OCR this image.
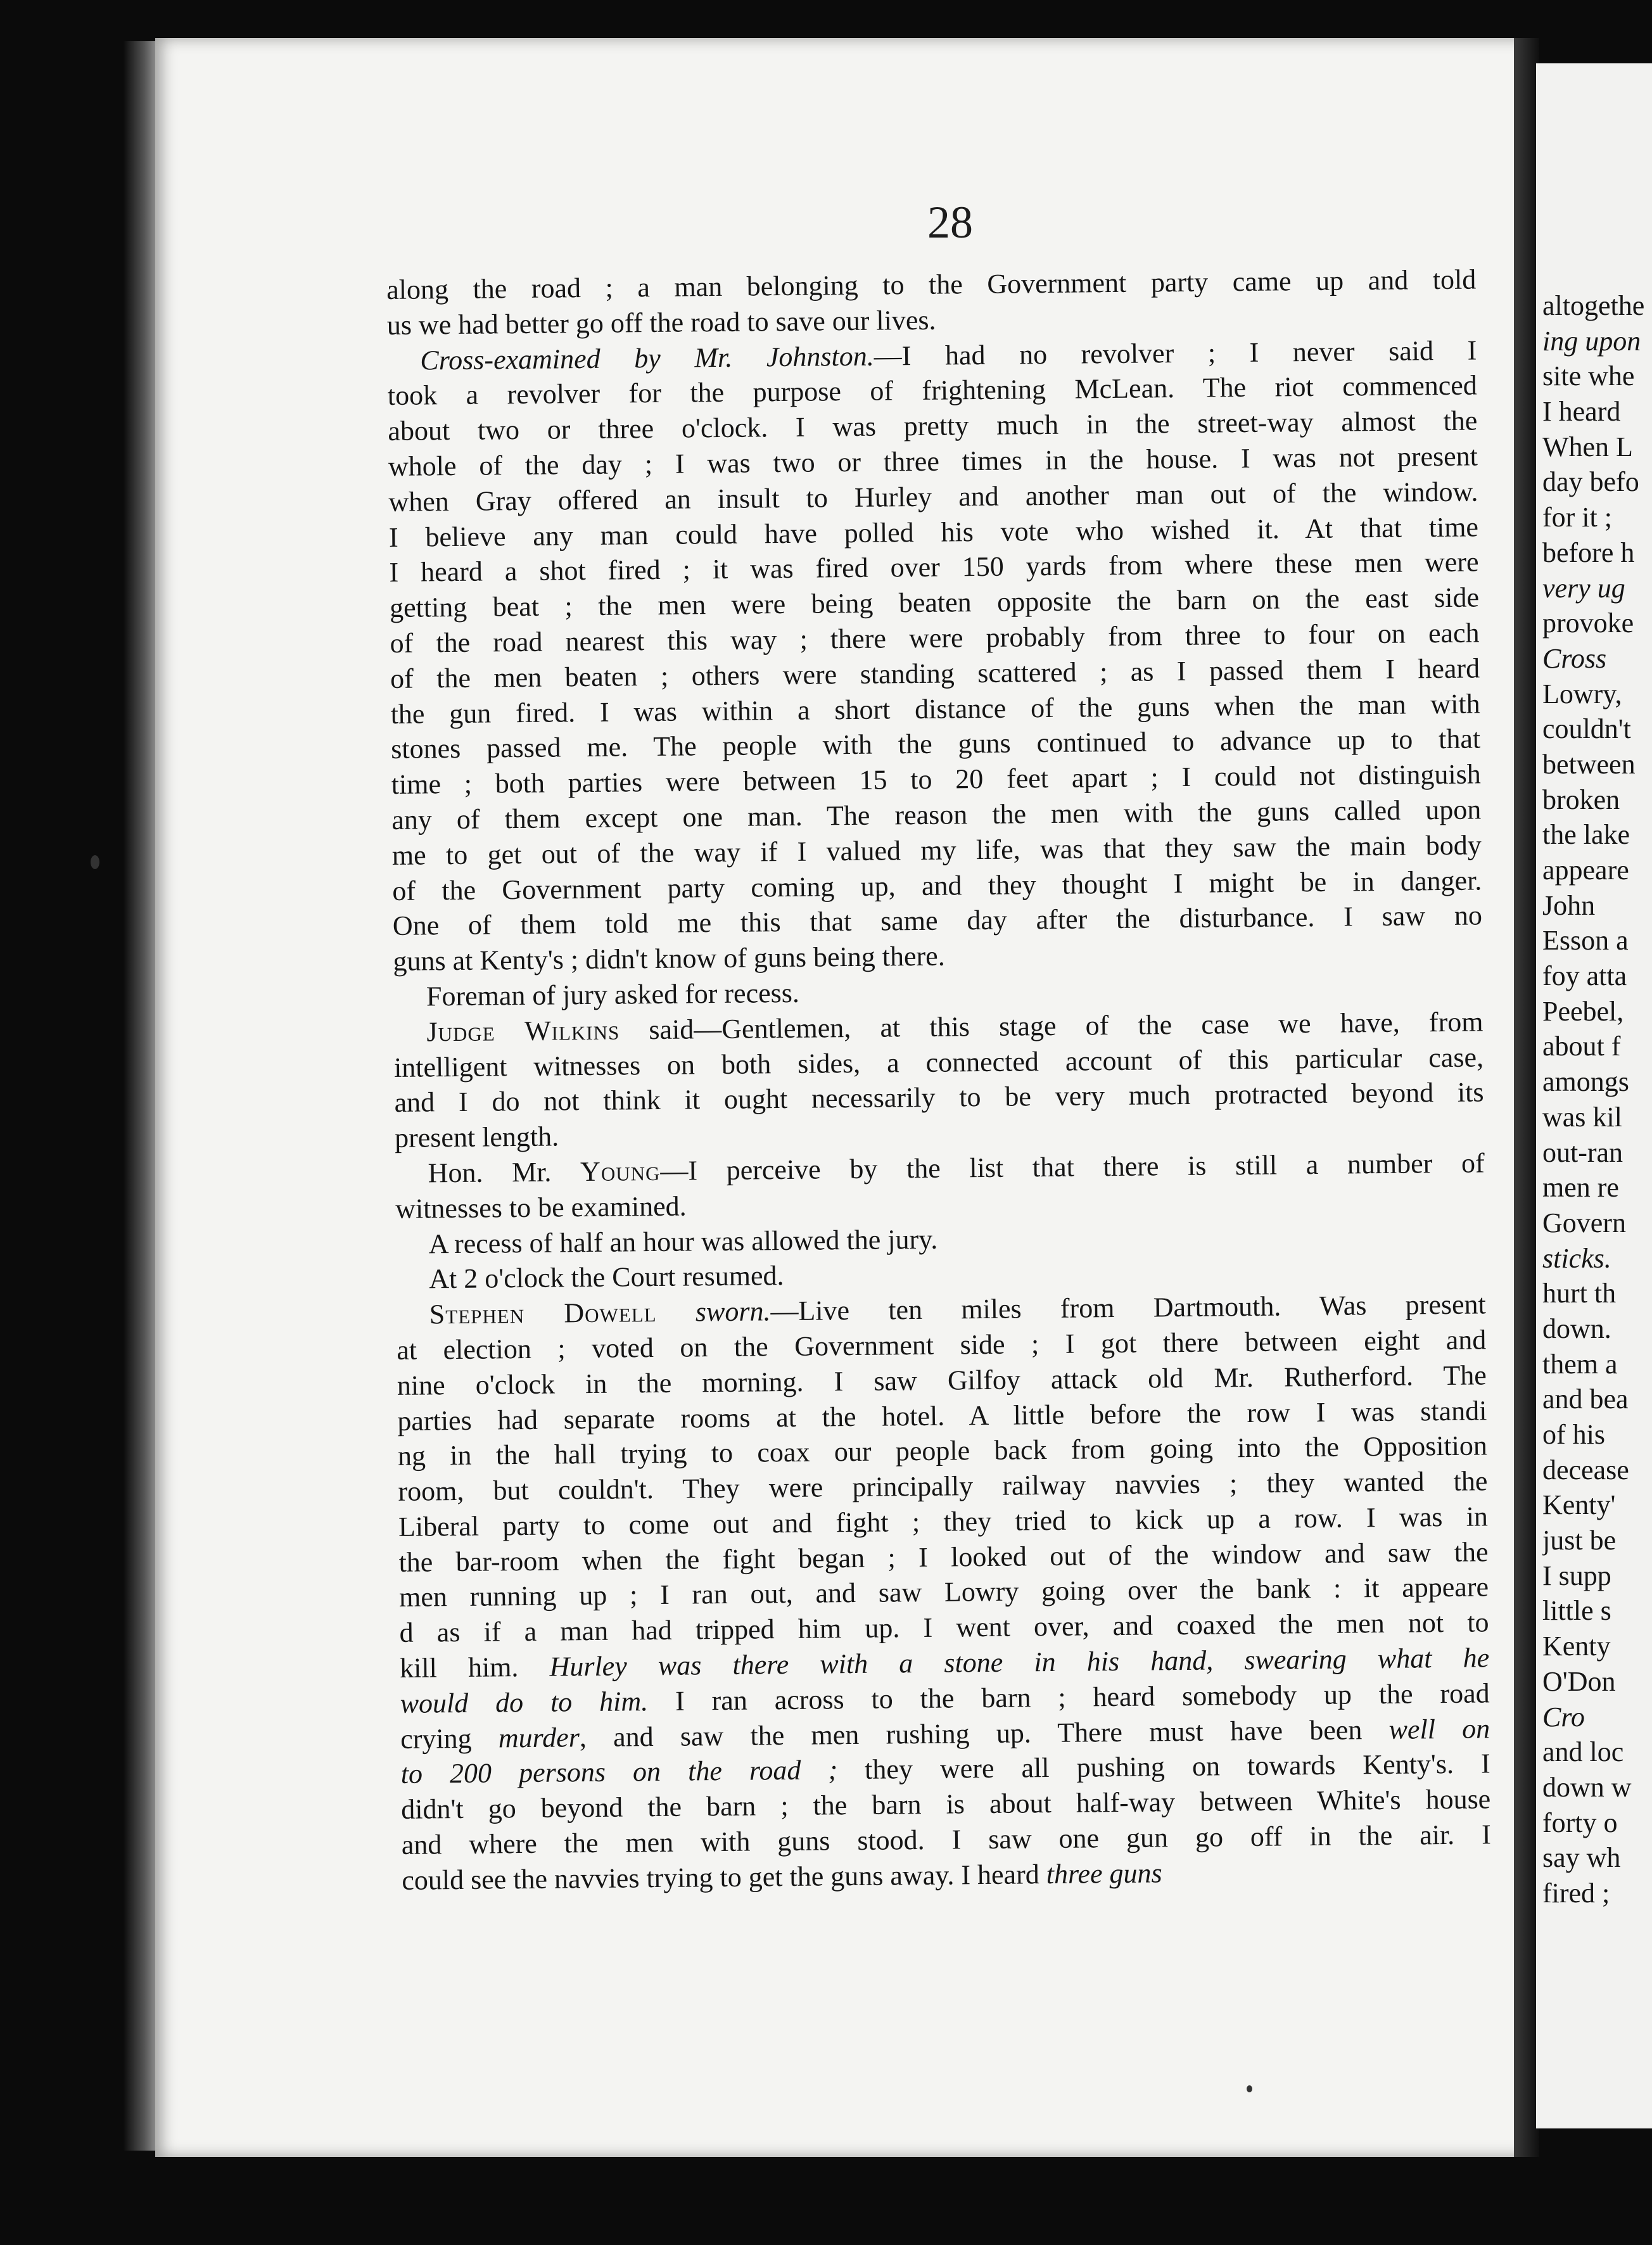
28
along the road ; a man belonging to the Government party came up and told
us we had better go off the road to save our lives.
Cross-examined by Mr. Johnston.—I had no revolver ; I never said I
took a revolver for the purpose of frightening McLean. The riot commenced
about two or three o'clock. I was pretty much in the street-way almost the
whole of the day ; I was two or three times in the house. I was not present
when Gray offered an insult to Hurley and another man out of the window.
I believe any man could have polled his vote who wished it. At that time
I heard a shot fired ; it was fired over 150 yards from where these men were
getting beat ; the men were being beaten opposite the barn on the east side
of the road nearest this way ; there were probably from three to four on each
of the men beaten ; others were standing scattered ; as I passed them I heard
the gun fired. I was within a short distance of the guns when the man with
stones passed me. The people with the guns continued to advance up to that
time ; both parties were between 15 to 20 feet apart ; I could not distinguish
any of them except one man. The reason the men with the guns called upon
me to get out of the way if I valued my life, was that they saw the main body
of the Government party coming up, and they thought I might be in danger.
One of them told me this that same day after the disturbance. I saw no
guns at Kenty's ; didn't know of guns being there.
Foreman of jury asked for recess.
Judge Wilkins said—Gentlemen, at this stage of the case we have, from
intelligent witnesses on both sides, a connected account of this particular case,
and I do not think it ought necessarily to be very much protracted beyond its
present length.
Hon. Mr. Young—I perceive by the list that there is still a number of
witnesses to be examined.
A recess of half an hour was allowed the jury.
At 2 o'clock the Court resumed.
Stephen Dowell sworn.—Live ten miles from Dartmouth. Was present
at election ; voted on the Government side ; I got there between eight and
nine o'clock in the morning. I saw Gilfoy attack old Mr. Rutherford. The
parties had separate rooms at the hotel. A little before the row I was standi
ng in the hall trying to coax our people back from going into the Opposition
room, but couldn't. They were principally railway navvies ; they wanted the
Liberal party to come out and fight ; they tried to kick up a row. I was in
the bar-room when the fight began ; I looked out of the window and saw the
men running up ; I ran out, and saw Lowry going over the bank : it appeare
d as if a man had tripped him up. I went over, and coaxed the men not to
kill him. Hurley was there with a stone in his hand, swearing what he
would do to him. I ran across to the barn ; heard somebody up the road
crying murder, and saw the men rushing up. There must have been well on
to 200 persons on the road ; they were all pushing on towards Kenty's. I
didn't go beyond the barn ; the barn is about half-way between White's house
and where the men with guns stood. I saw one gun go off in the air. I
could see the navvies trying to get the guns away. I heard three guns
altogethe
ing upon
site whe
I heard
When L
day befo
for it ;
before h
very ug
provoke
Cross
Lowry,
couldn't
between
broken
the lake
appeare
John
Esson a
foy atta
Peebel,
about f
amongs
was kil
out-ran
men re
Govern
sticks.
hurt th
down.
them a
and bea
of his
decease
Kenty'
just be
I supp
little s
Kenty
O'Don
Cro
and loc
down w
forty o
say wh
fired ;
